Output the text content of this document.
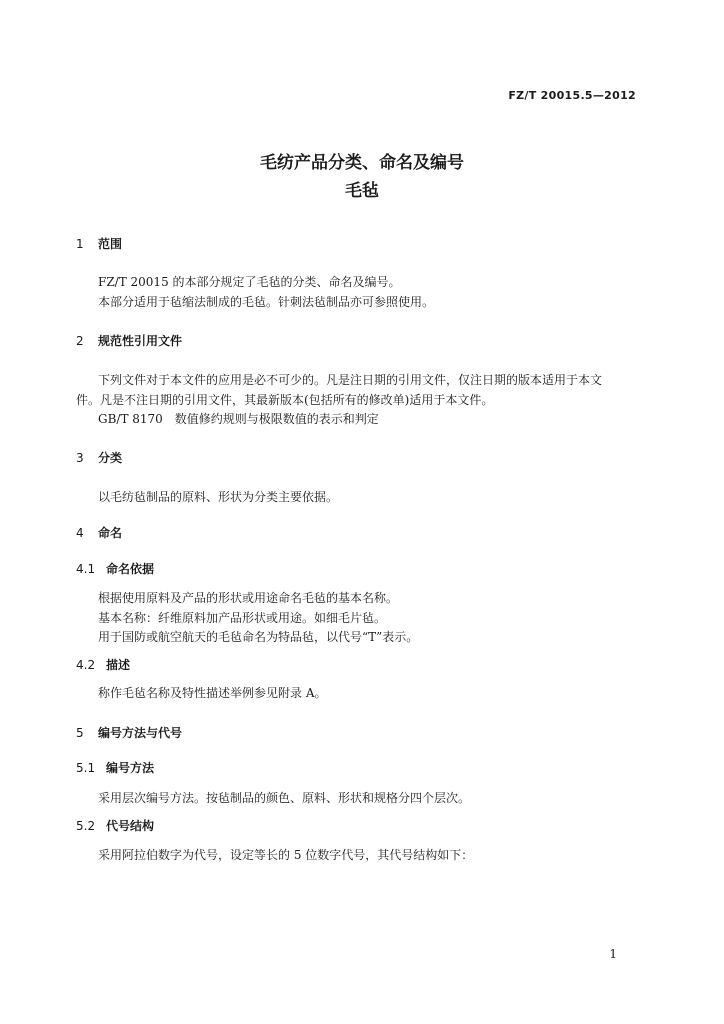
FZ/T 20015.5—2012
毛纺产品分类、命名及编号
毛毡
1 范围
FZ/T 20015 的本部分规定了毛毡的分类、命名及编号。
本部分适用于毡缩法制成的毛毡。针刺法毡制品亦可参照使用。
2 规范性引用文件
下列文件对于本文件的应用是必不可少的。凡是注日期的引用文件，仅注日期的版本适用于本文
件。凡是不注日期的引用文件，其最新版本(包括所有的修改单)适用于本文件。
GB/T 8170　数值修约规则与极限数值的表示和判定
3 分类
以毛纺毡制品的原料、形状为分类主要依据。
4 命名
4.1 命名依据
根据使用原料及产品的形状或用途命名毛毡的基本名称。
基本名称：纤维原料加产品形状或用途。如细毛片毡。
用于国防或航空航天的毛毡命名为特品毡，以代号“T”表示。
4.2 描述
称作毛毡名称及特性描述举例参见附录 A。
5 编号方法与代号
5.1 编号方法
采用层次编号方法。按毡制品的颜色、原料、形状和规格分四个层次。
5.2 代号结构
采用阿拉伯数字为代号，设定等长的 5 位数字代号，其代号结构如下：
1
